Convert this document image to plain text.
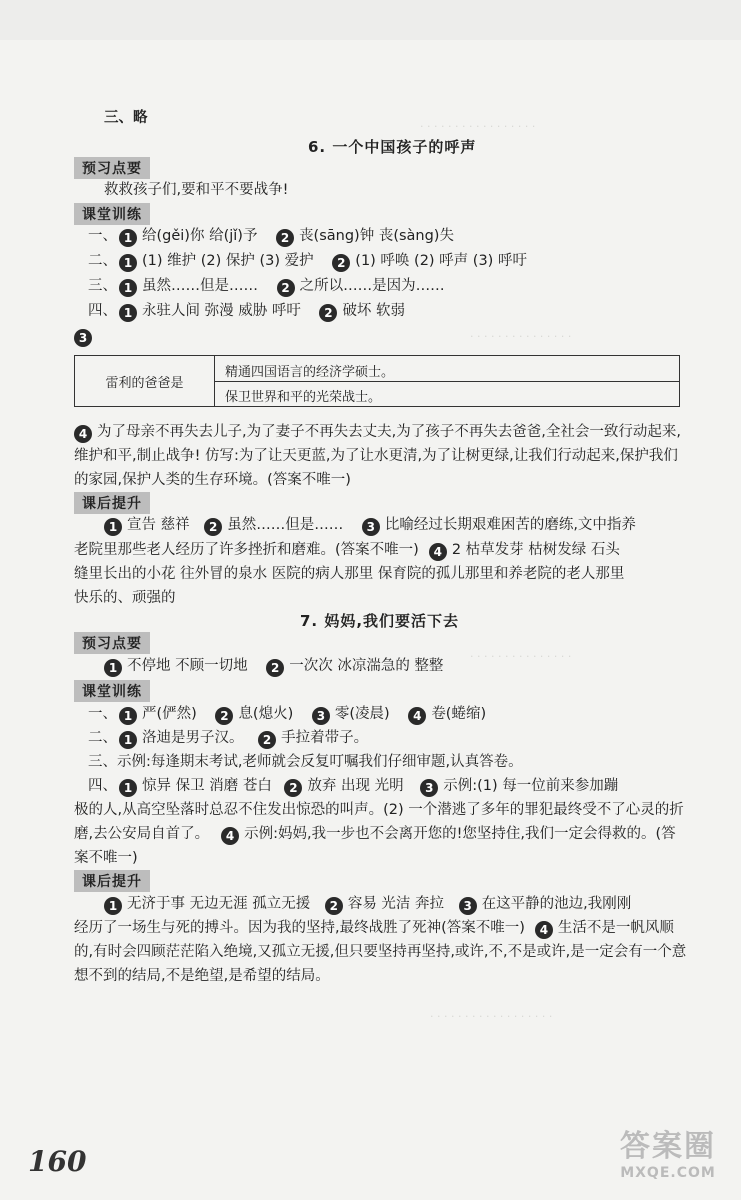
· · · · · · · · · · · · · · · · ·
· · · · · · · · · · · · · · ·
· · · · · · · · · · · · · · ·
· · · · · · · · · · · · · · · · · ·
三、略
6. 一个中国孩子的呼声
预习点要
救救孩子们,要和平不要战争!
课堂训练
一、 1 给(gěi)你 给(jǐ)予 2 丧(sāng)钟 丧(sàng)失
二、 1 (1) 维护 (2) 保护 (3) 爱护 2 (1) 呼唤 (2) 呼声 (3) 呼吁
三、 1 虽然……但是…… 2 之所以……是因为……
四、 1 永驻人间 弥漫 威胁 呼吁 2 破坏 软弱
3
雷利的爸爸是
精通四国语言的经济学硕士。
保卫世界和平的光荣战士。
4 为了母亲不再失去儿子,为了妻子不再失去丈夫,为了孩子不再失去爸爸,全社会一致行动起来,
维护和平,制止战争! 仿写:为了让天更蓝,为了让水更清,为了让树更绿,让我们行动起来,保护我们
的家园,保护人类的生存环境。(答案不唯一)
课后提升
1 宣告 慈祥 2 虽然……但是…… 3 比喻经过长期艰难困苦的磨练,文中指养
老院里那些老人经历了许多挫折和磨难。(答案不唯一) 4 2 枯草发芽 枯树发绿 石头
缝里长出的小花 往外冒的泉水 医院的病人那里 保育院的孤儿那里和养老院的老人那里
快乐的、顽强的
7. 妈妈,我们要活下去
预习点要
1 不停地 不顾一切地 2 一次次 冰凉湍急的 整整
课堂训练
一、 1 严(俨然) 2 息(熄火) 3 零(凌晨) 4 卷(蜷缩)
二、 1 洛迪是男子汉。 2 手拉着带子。
三、示例:每逢期末考试,老师就会反复叮嘱我们仔细审题,认真答卷。
四、 1 惊异 保卫 消磨 苍白 2 放弃 出现 光明 3 示例:(1) 每一位前来参加蹦
极的人,从高空坠落时总忍不住发出惊恐的叫声。(2) 一个潜逃了多年的罪犯最终受不了心灵的折
磨,去公安局自首了。 4 示例:妈妈,我一步也不会离开您的!您坚持住,我们一定会得救的。(答
案不唯一)
课后提升
1 无济于事 无边无涯 孤立无援 2 容易 光洁 奔拉 3 在这平静的池边,我刚刚
经历了一场生与死的搏斗。因为我的坚持,最终战胜了死神(答案不唯一) 4 生活不是一帆风顺
的,有时会四顾茫茫陷入绝境,又孤立无援,但只要坚持再坚持,或许,不,不是或许,是一定会有一个意
想不到的结局,不是绝望,是希望的结局。
160	答案圈
MXQE.COM
